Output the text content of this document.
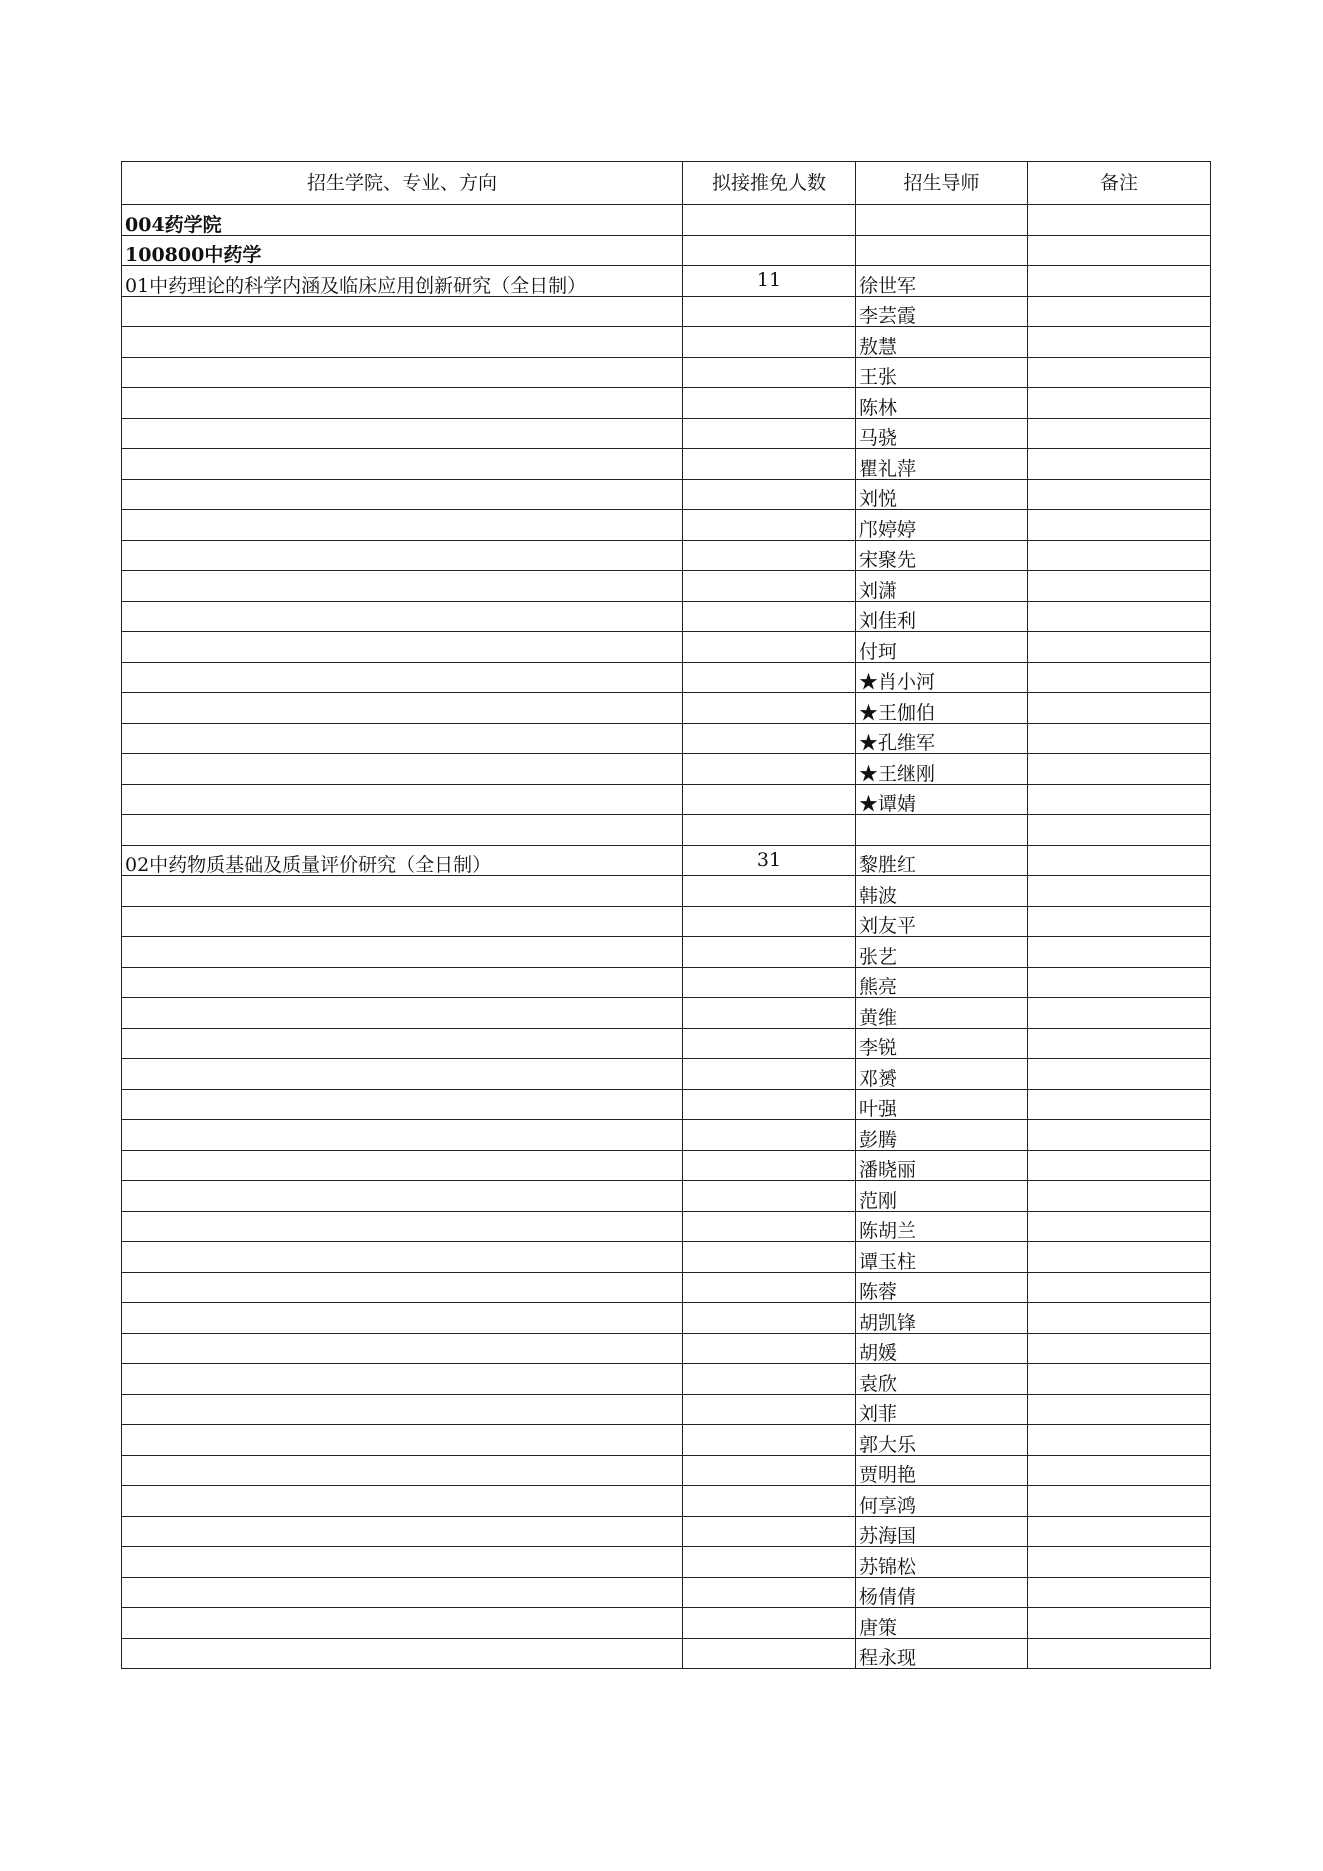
招生学院、专业、方向	拟接推免人数	招生导师	备注
004药学院			
100800中药学			
01中药理论的科学内涵及临床应用创新研究（全日制）	11	徐世军	
		李芸霞	
		敖慧	
		王张	
		陈林	
		马骁	
		瞿礼萍	
		刘悦	
		邝婷婷	
		宋聚先	
		刘潇	
		刘佳利	
		付珂	
		★肖小河	
		★王伽伯	
		★孔维军	
		★王继刚	
		★谭婧	

02中药物质基础及质量评价研究（全日制）	31	黎胜红	
		韩波	
		刘友平	
		张艺	
		熊亮	
		黄维	
		李锐	
		邓赟	
		叶强	
		彭腾	
		潘晓丽	
		范刚	
		陈胡兰	
		谭玉柱	
		陈蓉	
		胡凯锋	
		胡媛	
		袁欣	
		刘菲	
		郭大乐	
		贾明艳	
		何享鸿	
		苏海国	
		苏锦松	
		杨倩倩	
		唐策	
		程永现	
